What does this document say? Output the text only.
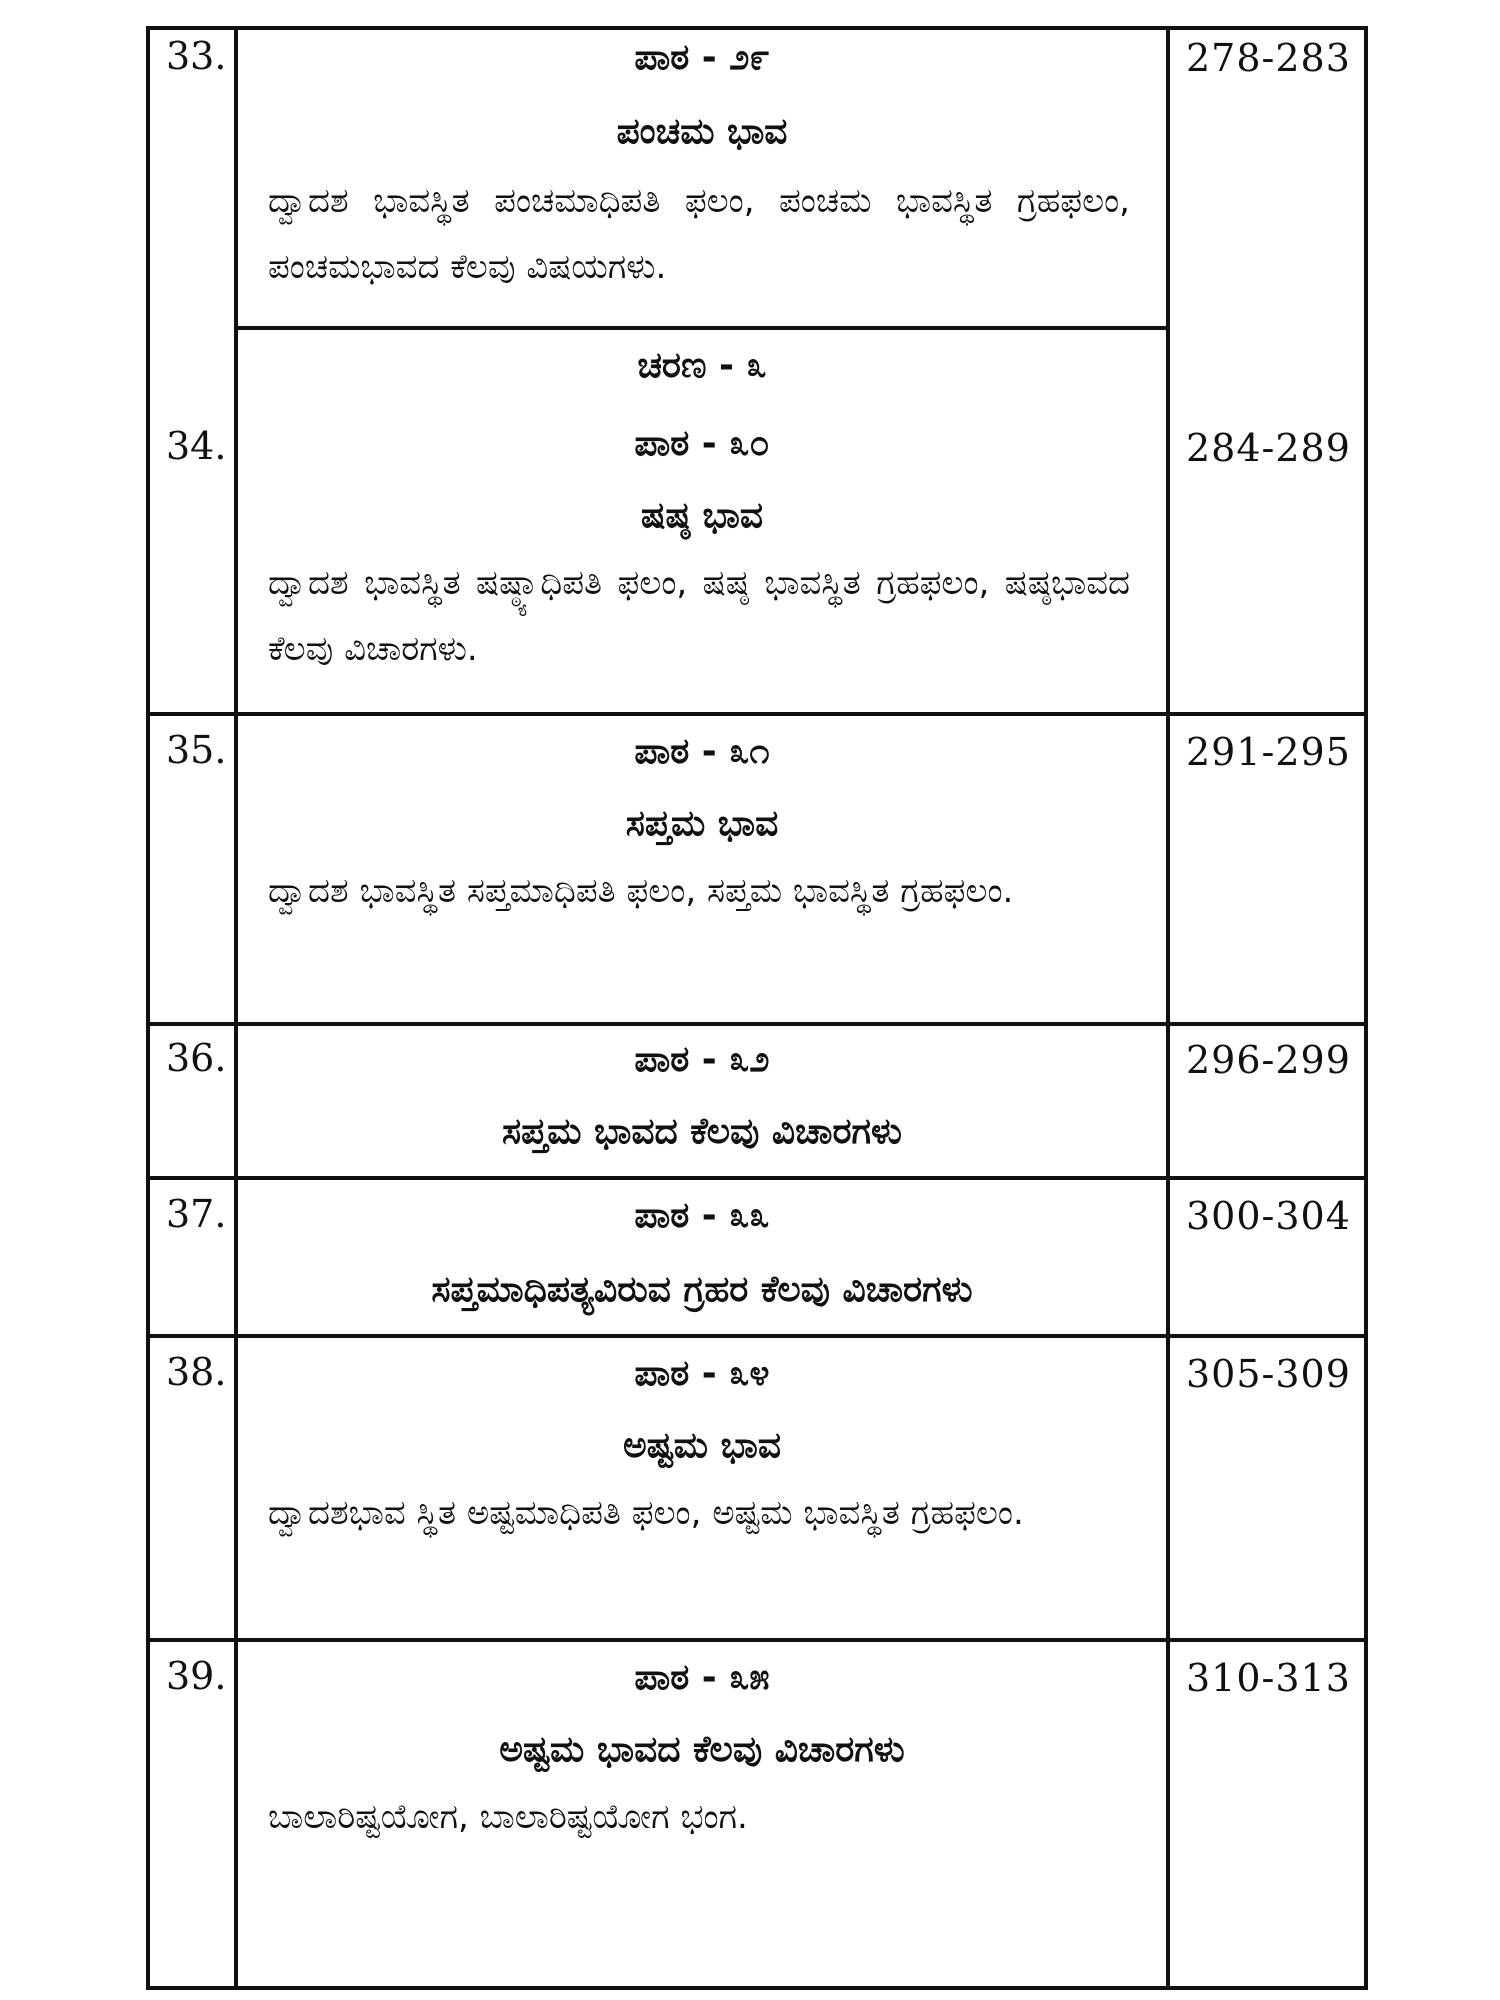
33.	278-283
ಪಾಠ - ೨೯
ಪಂಚಮ ಭಾವ
ದ್ವಾದಶ ಭಾವಸ್ಥಿತ ಪಂಚಮಾಧಿಪತಿ ಫಲಂ, ಪಂಚಮ ಭಾವಸ್ಥಿತ ಗ್ರಹಫಲಂ, ಪಂಚಮಭಾವದ ಕೆಲವು ವಿಷಯಗಳು.
34.	284-289
ಚರಣ - ೩
ಪಾಠ - ೩೦
ಷಷ್ಠ ಭಾವ
ದ್ವಾದಶ ಭಾವಸ್ಥಿತ ಷಷ್ಠ್ಯಾಧಿಪತಿ ಫಲಂ, ಷಷ್ಠ ಭಾವಸ್ಥಿತ ಗ್ರಹಫಲಂ, ಷಷ್ಠಭಾವದ ಕೆಲವು ವಿಚಾರಗಳು.
35.	291-295
ಪಾಠ - ೩೧
ಸಪ್ತಮ ಭಾವ
ದ್ವಾದಶ ಭಾವಸ್ಥಿತ ಸಪ್ತಮಾಧಿಪತಿ ಫಲಂ, ಸಪ್ತಮ ಭಾವಸ್ಥಿತ ಗ್ರಹಫಲಂ.
36.	296-299
ಪಾಠ - ೩೨
ಸಪ್ತಮ ಭಾವದ ಕೆಲವು ವಿಚಾರಗಳು
37.	300-304
ಪಾಠ - ೩೩
ಸಪ್ತಮಾಧಿಪತ್ಯವಿರುವ ಗ್ರಹರ ಕೆಲವು ವಿಚಾರಗಳು
38.	305-309
ಪಾಠ - ೩೪
ಅಷ್ಟಮ ಭಾವ
ದ್ವಾದಶಭಾವ ಸ್ಥಿತ ಅಷ್ಟಮಾಧಿಪತಿ ಫಲಂ, ಅಷ್ಟಮ ಭಾವಸ್ಥಿತ ಗ್ರಹಫಲಂ.
39.	310-313
ಪಾಠ - ೩೫
ಅಷ್ಟಮ ಭಾವದ ಕೆಲವು ವಿಚಾರಗಳು
ಬಾಲಾರಿಷ್ಟಯೋಗ, ಬಾಲಾರಿಷ್ಟಯೋಗ ಭಂಗ.
